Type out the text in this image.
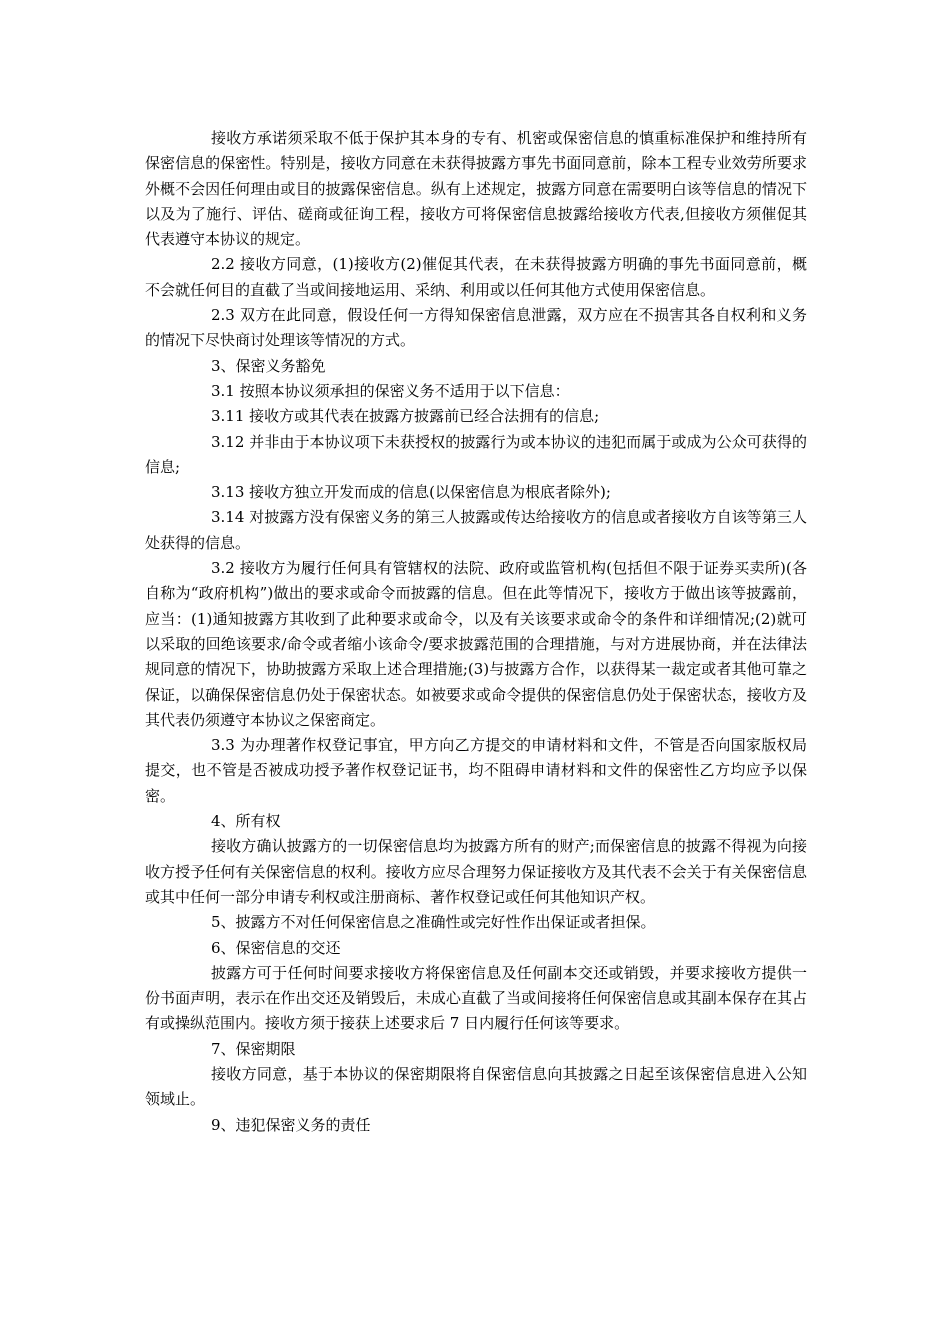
接收方承诺须采取不低于保护其本身的专有、机密或保密信息的慎重标准保护和维持所有保密信息的保密性。特别是，接收方同意在未获得披露方事先书面同意前，除本工程专业效劳所要求外概不会因任何理由或目的披露保密信息。纵有上述规定，披露方同意在需要明白该等信息的情况下以及为了施行、评估、磋商或征询工程，接收方可将保密信息披露给接收方代表,但接收方须催促其代表遵守本协议的规定。

2.2 接收方同意，(1)接收方(2)催促其代表，在未获得披露方明确的事先书面同意前，概不会就任何目的直截了当或间接地运用、采纳、利用或以任何其他方式使用保密信息。

2.3 双方在此同意，假设任何一方得知保密信息泄露，双方应在不损害其各自权利和义务的情况下尽快商讨处理该等情况的方式。

3、保密义务豁免

3.1 按照本协议须承担的保密义务不适用于以下信息：

3.11 接收方或其代表在披露方披露前已经合法拥有的信息;

3.12 并非由于本协议项下未获授权的披露行为或本协议的违犯而属于或成为公众可获得的信息;

3.13 接收方独立开发而成的信息(以保密信息为根底者除外);

3.14 对披露方没有保密义务的第三人披露或传达给接收方的信息或者接收方自该等第三人处获得的信息。

3.2 接收方为履行任何具有管辖权的法院、政府或监管机构(包括但不限于证券买卖所)(各自称为“政府机构”)做出的要求或命令而披露的信息。但在此等情况下，接收方于做出该等披露前，应当：(1)通知披露方其收到了此种要求或命令，以及有关该要求或命令的条件和详细情况;(2)就可以采取的回绝该要求/命令或者缩小该命令/要求披露范围的合理措施，与对方进展协商，并在法律法规同意的情况下，协助披露方采取上述合理措施;(3)与披露方合作，以获得某一裁定或者其他可靠之保证，以确保保密信息仍处于保密状态。如被要求或命令提供的保密信息仍处于保密状态，接收方及其代表仍须遵守本协议之保密商定。

3.3 为办理著作权登记事宜，甲方向乙方提交的申请材料和文件，不管是否向国家版权局提交，也不管是否被成功授予著作权登记证书，均不阻碍申请材料和文件的保密性乙方均应予以保密。

4、所有权

接收方确认披露方的一切保密信息均为披露方所有的财产;而保密信息的披露不得视为向接收方授予任何有关保密信息的权利。接收方应尽合理努力保证接收方及其代表不会关于有关保密信息或其中任何一部分申请专利权或注册商标、著作权登记或任何其他知识产权。

5、披露方不对任何保密信息之准确性或完好性作出保证或者担保。

6、保密信息的交还

披露方可于任何时间要求接收方将保密信息及任何副本交还或销毁，并要求接收方提供一份书面声明，表示在作出交还及销毁后，未成心直截了当或间接将任何保密信息或其副本保存在其占有或操纵范围内。接收方须于接获上述要求后 7 日内履行任何该等要求。

7、保密期限

接收方同意，基于本协议的保密期限将自保密信息向其披露之日起至该保密信息进入公知领域止。

9、违犯保密义务的责任
